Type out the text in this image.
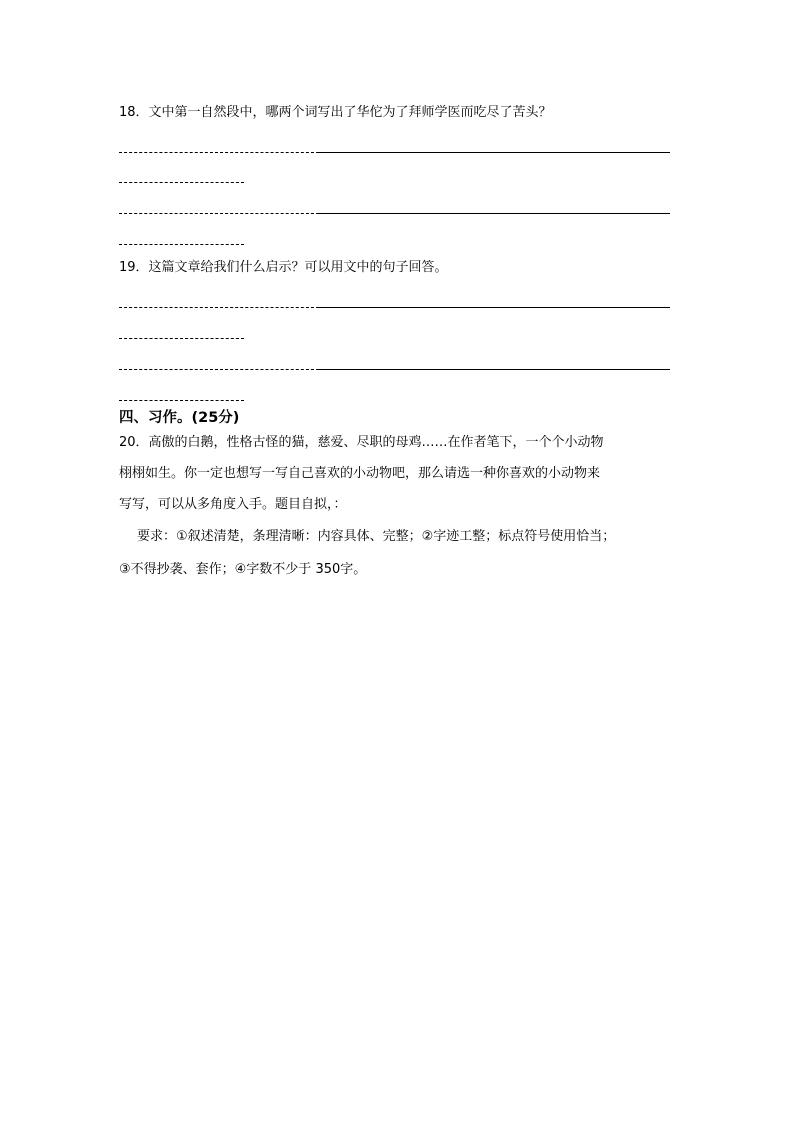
18．文中第一自然段中，哪两个词写出了华佗为了拜师学医而吃尽了苦头？
19．这篇文章给我们什么启示？可以用文中的句子回答。
四、习作。(25分)
20．高傲的白鹅，性格古怪的猫，慈爱、尽职的母鸡……在作者笔下，一个个小动物
栩栩如生。你一定也想写一写自己喜欢的小动物吧，那么请选一种你喜欢的小动物来
写写，可以从多角度入手。题目自拟，：
要求：①叙述清楚，条理清晰：内容具体、完整；②字迹工整；标点符号使用恰当；
③不得抄袭、套作；④字数不少于 350字。
